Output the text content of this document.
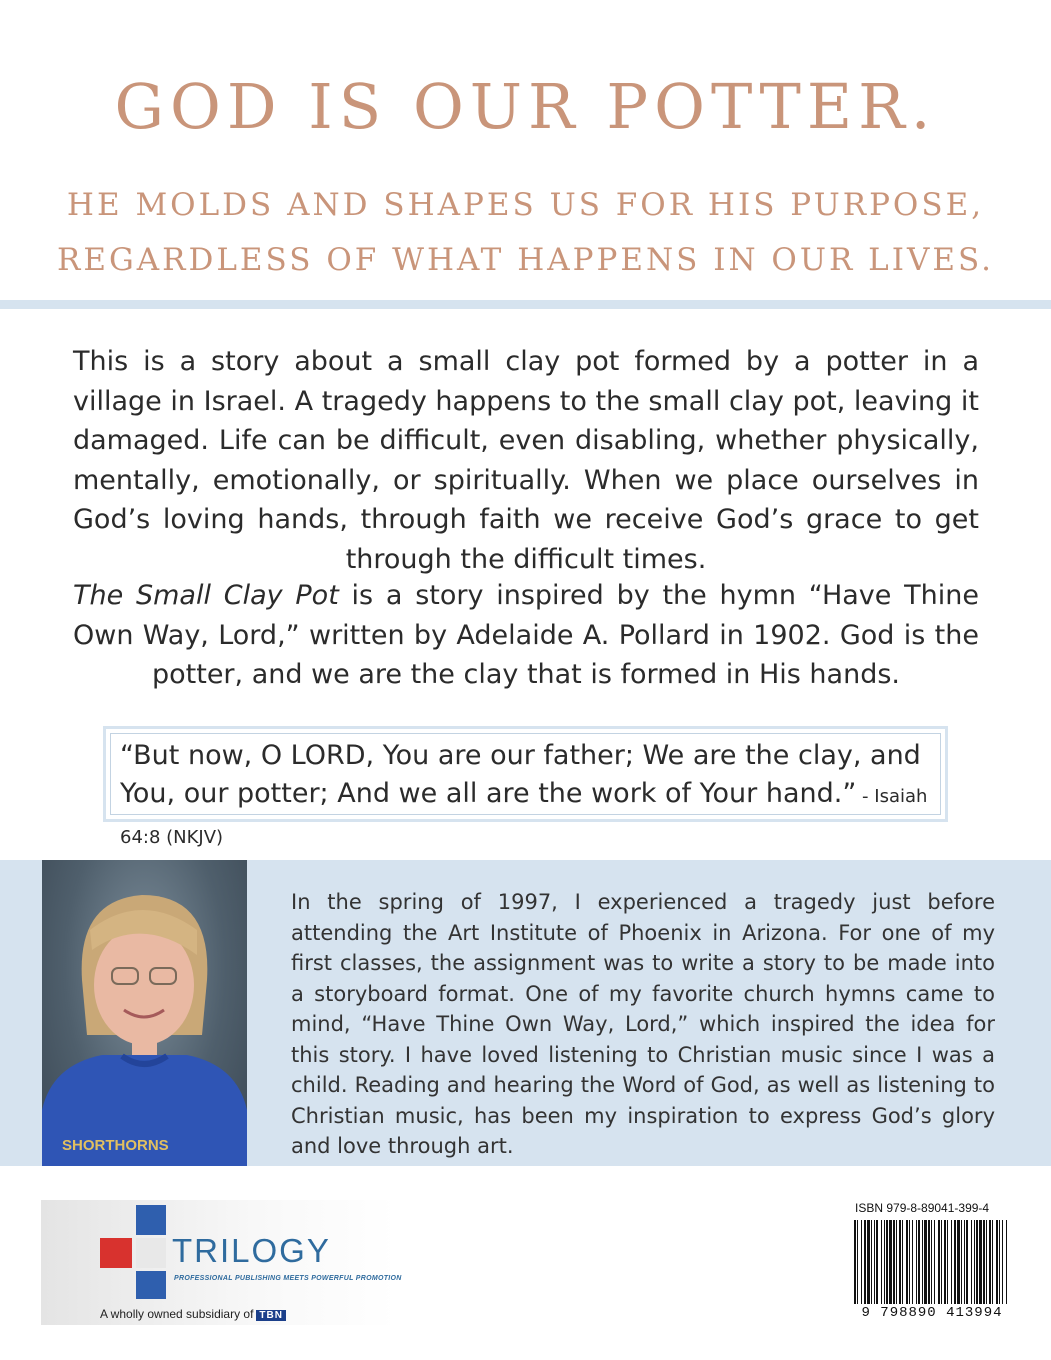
GOD IS OUR POTTER.
HE MOLDS AND SHAPES US FOR HIS PURPOSE,
REGARDLESS OF WHAT HAPPENS IN OUR LIVES.

This is a story about a small clay pot formed by a potter in a village in Israel. A tragedy happens to the small clay pot, leaving it damaged. Life can be difficult, even disabling, whether physically, mentally, emotionally, or spiritually. When we place ourselves in God’s loving hands, through faith we receive God’s grace to get through the difficult times.

The Small Clay Pot is a story inspired by the hymn “Have Thine Own Way, Lord,” written by Adelaide A. Pollard in 1902. God is the potter, and we are the clay that is formed in His hands.

“But now, O LORD, You are our father; We are the clay, and You, our potter; And we all are the work of Your hand.” - Isaiah 64:8 (NKJV)

SHORTHORNS

In the spring of 1997, I experienced a tragedy just before attending the Art Institute of Phoenix in Arizona. For one of my first classes, the assignment was to write a story to be made into a storyboard format. One of my favorite church hymns came to mind, “Have Thine Own Way, Lord,” which inspired the idea for this story. I have loved listening to Christian music since I was a child. Reading and hearing the Word of God, as well as listening to Christian music, has been my inspiration to express God’s glory and love through art.

TRILOGY
PROFESSIONAL PUBLISHING MEETS POWERFUL PROMOTION
A wholly owned subsidiary of TBN
ISBN 979-8-89041-399-4
9 798890 413994
